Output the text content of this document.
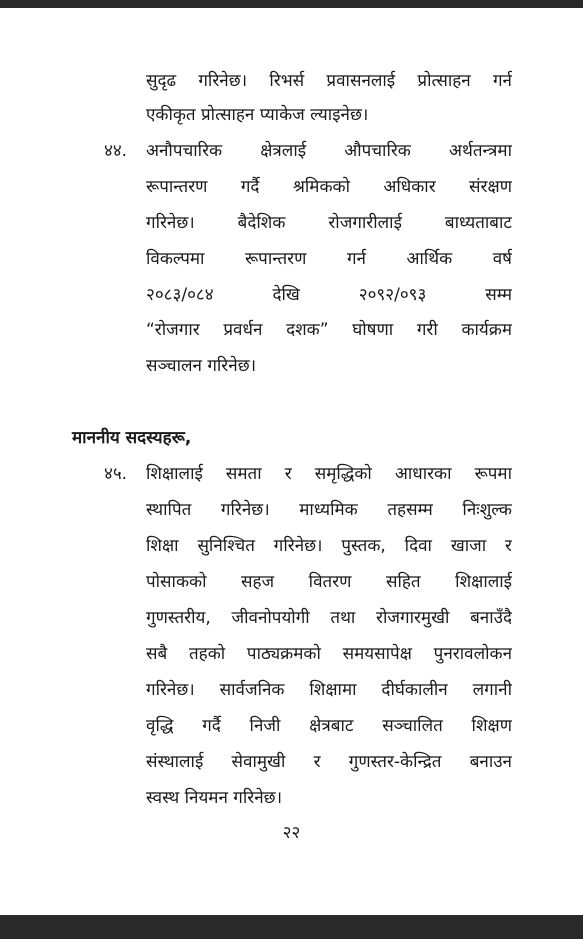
सुदृढ गरिनेछ। रिभर्स प्रवासनलाई प्रोत्साहन गर्न
एकीकृत प्रोत्साहन प्याकेज ल्याइनेछ।
४४. अनौपचारिक क्षेत्रलाई औपचारिक अर्थतन्त्रमा
रूपान्तरण गर्दै श्रमिकको अधिकार संरक्षण
गरिनेछ। बैदेशिक रोजगारीलाई बाध्यताबाट
विकल्पमा रूपान्तरण गर्न आर्थिक वर्ष
२०८३/०८४ देखि २०९२/०९३ सम्म
“रोजगार प्रवर्धन दशक” घोषणा गरी कार्यक्रम
सञ्चालन गरिनेछ।
माननीय सदस्यहरू,
४५. शिक्षालाई समता र समृद्धिको आधारका रूपमा
स्थापित गरिनेछ। माध्यमिक तहसम्म निःशुल्क
शिक्षा सुनिश्चित गरिनेछ। पुस्तक, दिवा खाजा र
पोसाकको सहज वितरण सहित शिक्षालाई
गुणस्तरीय, जीवनोपयोगी तथा रोजगारमुखी बनाउँदै
सबै तहको पाठ्यक्रमको समयसापेक्ष पुनरावलोकन
गरिनेछ। सार्वजनिक शिक्षामा दीर्घकालीन लगानी
वृद्धि गर्दै निजी क्षेत्रबाट सञ्चालित शिक्षण
संस्थालाई सेवामुखी र गुणस्तर-केन्द्रित बनाउन
स्वस्थ नियमन गरिनेछ।
२२
